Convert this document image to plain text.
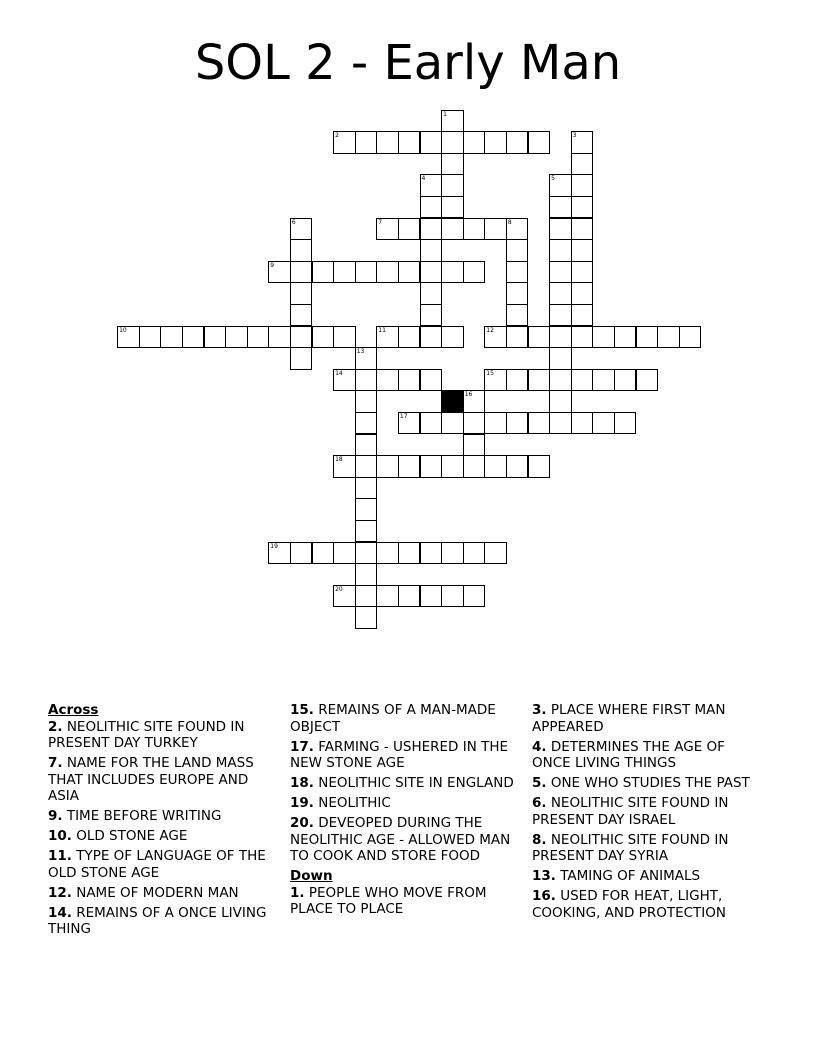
SOL 2 - Early Man
1
2	3
4	5
6	7	8
9
10	11	12
13
14	15
16
17
18
19
20
Across
2. NEOLITHIC SITE FOUND IN PRESENT DAY TURKEY
7. NAME FOR THE LAND MASS THAT INCLUDES EUROPE AND ASIA
9. TIME BEFORE WRITING
10. OLD STONE AGE
11. TYPE OF LANGUAGE OF THE OLD STONE AGE
12. NAME OF MODERN MAN
14. REMAINS OF A ONCE LIVING THING
15. REMAINS OF A MAN-MADE OBJECT
17. FARMING - USHERED IN THE NEW STONE AGE
18. NEOLITHIC SITE IN ENGLAND
19. NEOLITHIC
20. DEVEOPED DURING THE NEOLITHIC AGE - ALLOWED MAN TO COOK AND STORE FOOD
Down
1. PEOPLE WHO MOVE FROM PLACE TO PLACE
3. PLACE WHERE FIRST MAN APPEARED
4. DETERMINES THE AGE OF ONCE LIVING THINGS
5. ONE WHO STUDIES THE PAST
6. NEOLITHIC SITE FOUND IN PRESENT DAY ISRAEL
8. NEOLITHIC SITE FOUND IN PRESENT DAY SYRIA
13. TAMING OF ANIMALS
16. USED FOR HEAT, LIGHT, COOKING, AND PROTECTION
